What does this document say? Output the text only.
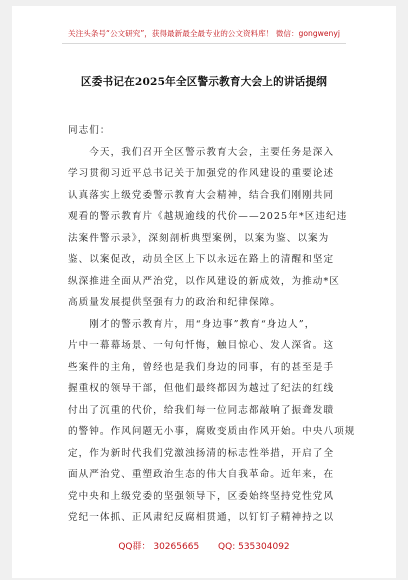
关注头条号“公文研究”，获得最新最全最专业的公文资料库！ 微信：gongwenyj
区委书记在2025年全区警示教育大会上的讲话提纲

同志们：

　　今天，我们召开全区警示教育大会，主要任务是深入

学习贯彻习近平总书记关于加强党的作风建设的重要论述

认真落实上级党委警示教育大会精神，结合我们刚刚共同

观看的警示教育片《越规逾线的代价——2025年*区违纪违

法案件警示录》，深刻剖析典型案例，以案为鉴、以案为

鉴、以案促改，动员全区上下以永远在路上的清醒和坚定

纵深推进全面从严治党，以作风建设的新成效，为推动*区

高质量发展提供坚强有力的政治和纪律保障。

　　刚才的警示教育片，用“身边事”教育“身边人”，

片中一幕幕场景、一句句忏悔，触目惊心、发人深省。这

些案件的主角，曾经也是我们身边的同事，有的甚至是手

握重权的领导干部，但他们最终都因为越过了纪法的红线

付出了沉重的代价，给我们每一位同志都敲响了振聋发聩

的警钟。作风问题无小事，腐败变质由作风开始。中央八项规

定，作为新时代我们党激浊扬清的标志性举措，开启了全

面从严治党、重塑政治生态的伟大自我革命。近年来，在

党中央和上级党委的坚强领导下，区委始终坚持党性党风

党纪一体抓、正风肃纪反腐相贯通，以钉钉子精神持之以

QQ群： 30265665 QQ: 535304092
